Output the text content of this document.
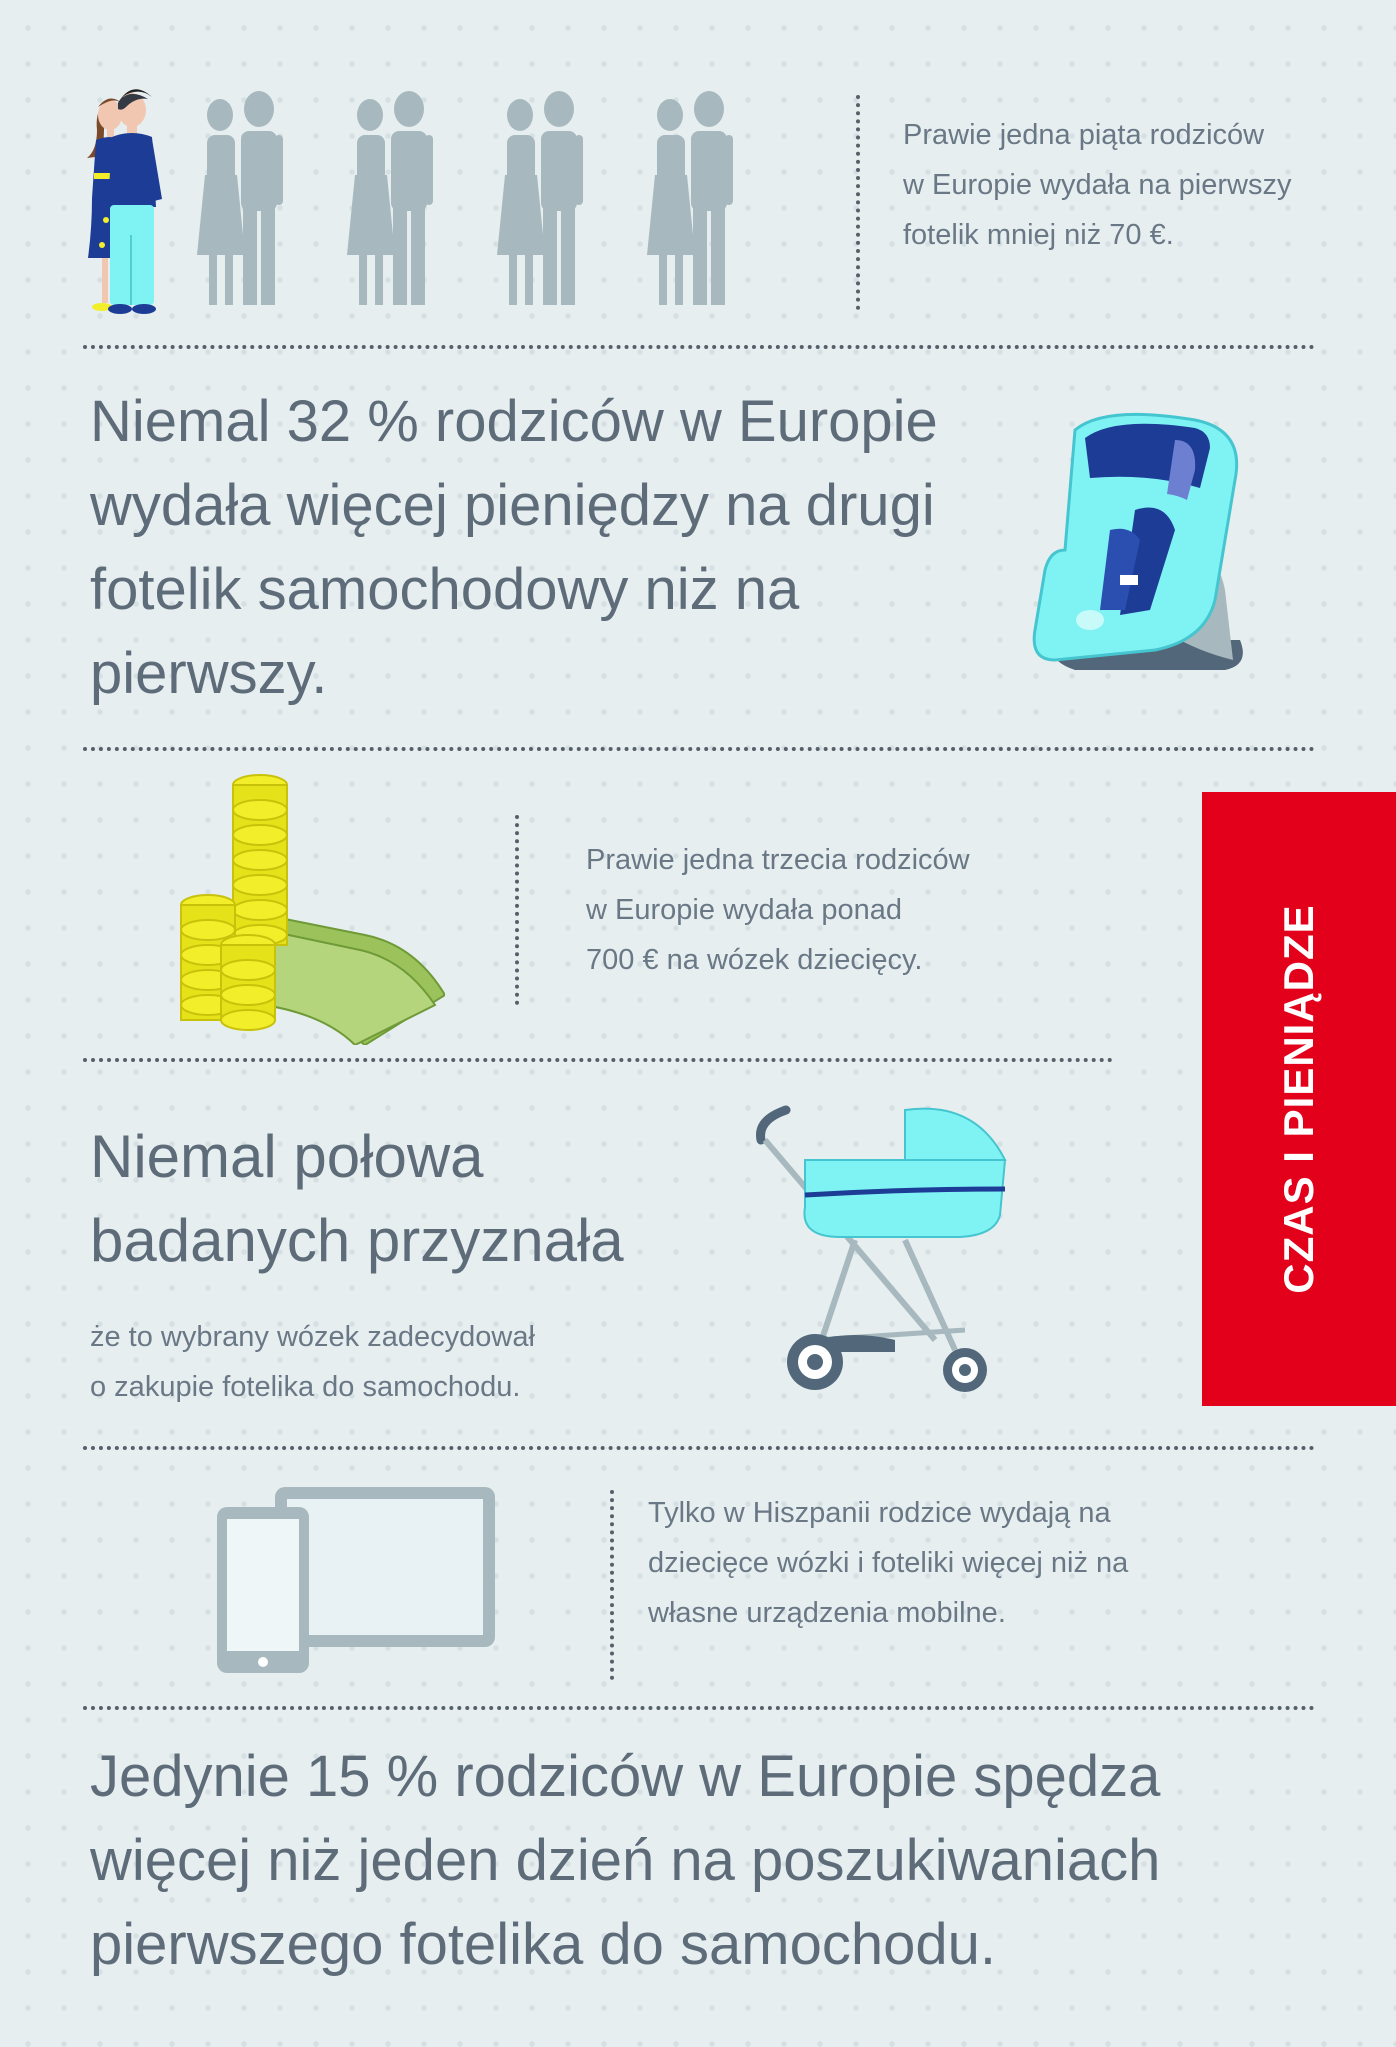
Prawie jedna piąta rodziców
w Europie wydała na pierwszy
fotelik mniej niż 70 €.
Niemal 32 % rodziców w Europie
wydała więcej pieniędzy na drugi
fotelik samochodowy niż na
pierwszy.
Prawie jedna trzecia rodziców
w Europie wydała ponad
700 € na wózek dziecięcy.
Niemal połowa
badanych przyznała
że to wybrany wózek zadecydował
o zakupie fotelika do samochodu.
CZAS I PIENIĄDZE
Tylko w Hiszpanii rodzice wydają na
dziecięce wózki i foteliki więcej niż na
własne urządzenia mobilne.
Jedynie 15 % rodziców w Europie spędza
więcej niż jeden dzień na poszukiwaniach
pierwszego fotelika do samochodu.
